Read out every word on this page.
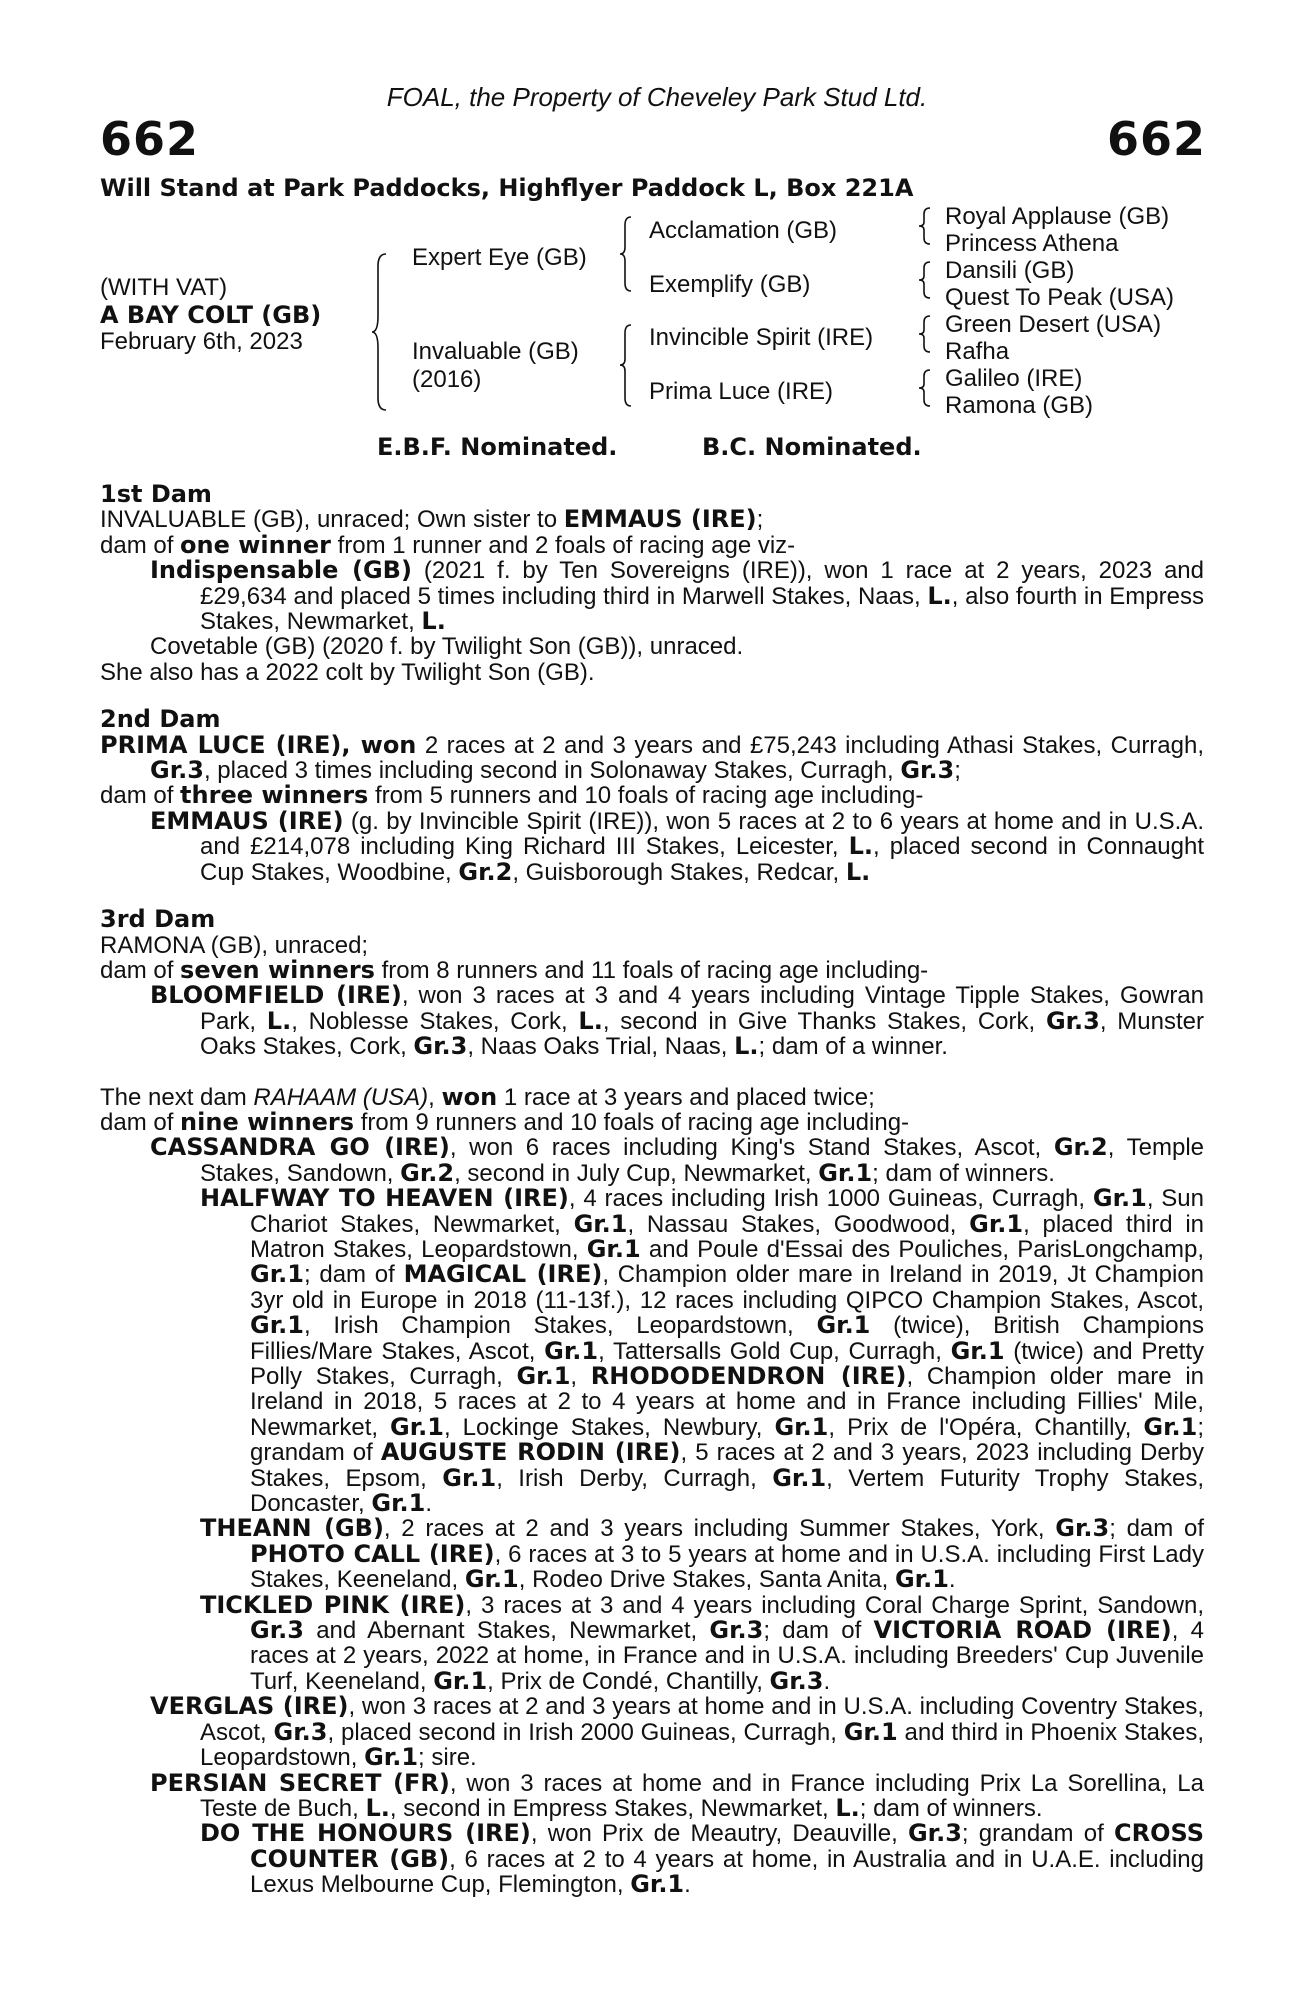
FOAL, the Property of Cheveley Park Stud Ltd.
662	662
Will Stand at Park Paddocks, Highflyer Paddock L, Box 221A
(WITH VAT)
A BAY COLT (GB)
February 6th, 2023
Expert Eye (GB)
Invaluable (GB)
(2016)
Acclamation (GB)
Exemplify (GB)
Invincible Spirit (IRE)
Prima Luce (IRE)
Royal Applause (GB)
Princess Athena
Dansili (GB)
Quest To Peak (USA)
Green Desert (USA)
Rafha
Galileo (IRE)
Ramona (GB)
E.B.F. Nominated.	B.C. Nominated.
1st Dam
INVALUABLE (GB), unraced; Own sister to EMMAUS (IRE);
dam of one winner from 1 runner and 2 foals of racing age viz-
Indispensable (GB) (2021 f. by Ten Sovereigns (IRE)), won 1 race at 2 years, 2023 and £29,634 and placed 5 times including third in Marwell Stakes, Naas, L., also fourth in Empress Stakes, Newmarket, L.
Covetable (GB) (2020 f. by Twilight Son (GB)), unraced.
She also has a 2022 colt by Twilight Son (GB).
2nd Dam
PRIMA LUCE (IRE), won 2 races at 2 and 3 years and £75,243 including Athasi Stakes, Curragh, Gr.3, placed 3 times including second in Solonaway Stakes, Curragh, Gr.3;
dam of three winners from 5 runners and 10 foals of racing age including-
EMMAUS (IRE) (g. by Invincible Spirit (IRE)), won 5 races at 2 to 6 years at home and in U.S.A. and £214,078 including King Richard III Stakes, Leicester, L., placed second in Connaught Cup Stakes, Woodbine, Gr.2, Guisborough Stakes, Redcar, L.
3rd Dam
RAMONA (GB), unraced;
dam of seven winners from 8 runners and 11 foals of racing age including-
BLOOMFIELD (IRE), won 3 races at 3 and 4 years including Vintage Tipple Stakes, Gowran Park, L., Noblesse Stakes, Cork, L., second in Give Thanks Stakes, Cork, Gr.3, Munster Oaks Stakes, Cork, Gr.3, Naas Oaks Trial, Naas, L.; dam of a winner.
The next dam RAHAAM (USA), won 1 race at 3 years and placed twice;
dam of nine winners from 9 runners and 10 foals of racing age including-
CASSANDRA GO (IRE), won 6 races including King's Stand Stakes, Ascot, Gr.2, Temple Stakes, Sandown, Gr.2, second in July Cup, Newmarket, Gr.1; dam of winners.
HALFWAY TO HEAVEN (IRE), 4 races including Irish 1000 Guineas, Curragh, Gr.1, Sun Chariot Stakes, Newmarket, Gr.1, Nassau Stakes, Goodwood, Gr.1, placed third in Matron Stakes, Leopardstown, Gr.1 and Poule d'Essai des Pouliches, ParisLongchamp, Gr.1; dam of MAGICAL (IRE), Champion older mare in Ireland in 2019, Jt Champion 3yr old in Europe in 2018 (11-13f.), 12 races including QIPCO Champion Stakes, Ascot, Gr.1, Irish Champion Stakes, Leopardstown, Gr.1 (twice), British Champions Fillies/Mare Stakes, Ascot, Gr.1, Tattersalls Gold Cup, Curragh, Gr.1 (twice) and Pretty Polly Stakes, Curragh, Gr.1, RHODODENDRON (IRE), Champion older mare in Ireland in 2018, 5 races at 2 to 4 years at home and in France including Fillies' Mile, Newmarket, Gr.1, Lockinge Stakes, Newbury, Gr.1, Prix de l'Opéra, Chantilly, Gr.1; grandam of AUGUSTE RODIN (IRE), 5 races at 2 and 3 years, 2023 including Derby Stakes, Epsom, Gr.1, Irish Derby, Curragh, Gr.1, Vertem Futurity Trophy Stakes, Doncaster, Gr.1.
THEANN (GB), 2 races at 2 and 3 years including Summer Stakes, York, Gr.3; dam of PHOTO CALL (IRE), 6 races at 3 to 5 years at home and in U.S.A. including First Lady Stakes, Keeneland, Gr.1, Rodeo Drive Stakes, Santa Anita, Gr.1.
TICKLED PINK (IRE), 3 races at 3 and 4 years including Coral Charge Sprint, Sandown, Gr.3 and Abernant Stakes, Newmarket, Gr.3; dam of VICTORIA ROAD (IRE), 4 races at 2 years, 2022 at home, in France and in U.S.A. including Breeders' Cup Juvenile Turf, Keeneland, Gr.1, Prix de Condé, Chantilly, Gr.3.
VERGLAS (IRE), won 3 races at 2 and 3 years at home and in U.S.A. including Coventry Stakes, Ascot, Gr.3, placed second in Irish 2000 Guineas, Curragh, Gr.1 and third in Phoenix Stakes, Leopardstown, Gr.1; sire.
PERSIAN SECRET (FR), won 3 races at home and in France including Prix La Sorellina, La Teste de Buch, L., second in Empress Stakes, Newmarket, L.; dam of winners.
DO THE HONOURS (IRE), won Prix de Meautry, Deauville, Gr.3; grandam of CROSS COUNTER (GB), 6 races at 2 to 4 years at home, in Australia and in U.A.E. including Lexus Melbourne Cup, Flemington, Gr.1.
